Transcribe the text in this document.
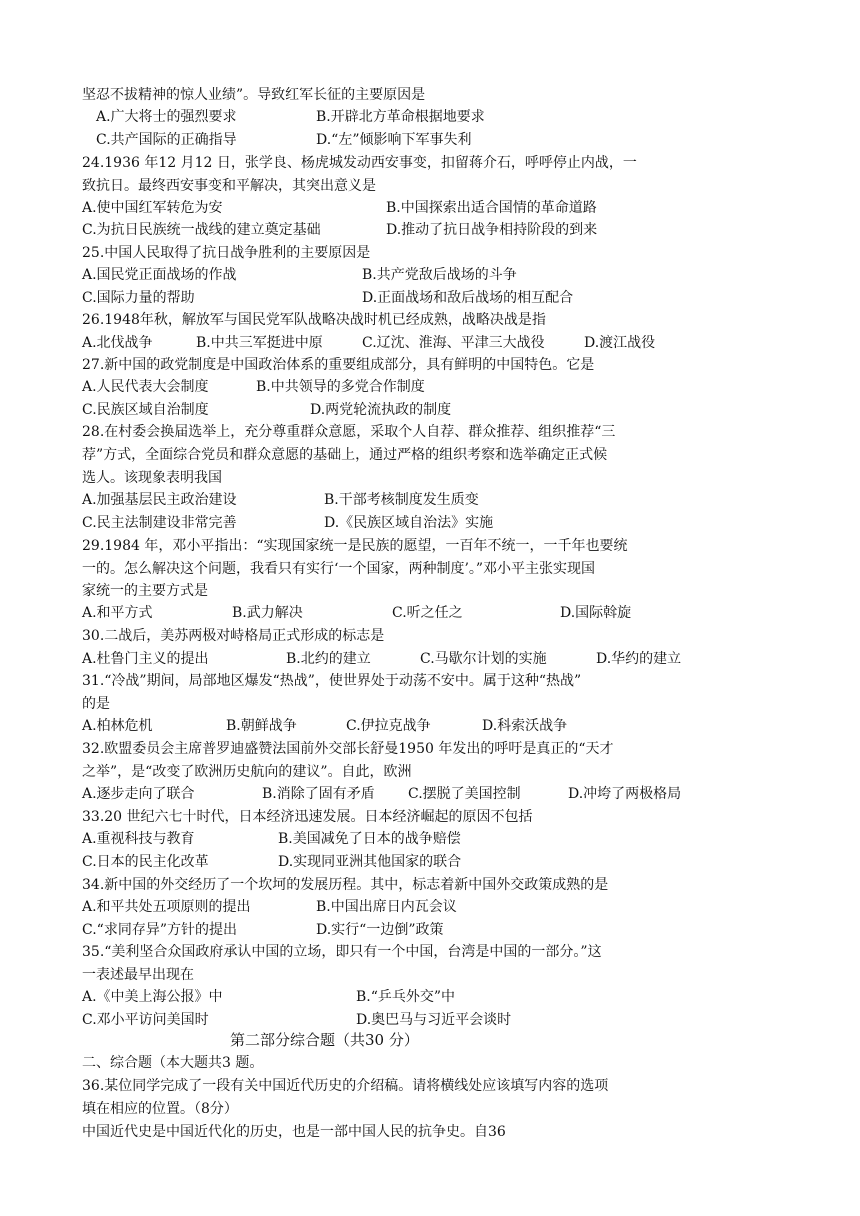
坚忍不拔精神的惊人业绩”。导致红军长征的主要原因是
A.广大将士的强烈要求	B.开辟北方革命根据地要求
C.共产国际的正确指导	D.“左”倾影响下军事失利
24.1936 年12 月12 日，张学良、杨虎城发动西安事变，扣留蒋介石，呼呼停止内战，一
致抗日。最终西安事变和平解决，其突出意义是
A.使中国红军转危为安	B.中国探索出适合国情的革命道路
C.为抗日民族统一战线的建立奠定基础	D.推动了抗日战争相持阶段的到来
25.中国人民取得了抗日战争胜利的主要原因是
A.国民党正面战场的作战	B.共产党敌后战场的斗争
C.国际力量的帮助	D.正面战场和敌后战场的相互配合
26.1948年秋，解放军与国民党军队战略决战时机已经成熟，战略决战是指
A.北伐战争	B.中共三军挺进中原	C.辽沈、淮海、平津三大战役	D.渡江战役
27.新中国的政党制度是中国政治体系的重要组成部分，具有鲜明的中国特色。它是
A.人民代表大会制度	B.中共领导的多党合作制度
C.民族区域自治制度	D.两党轮流执政的制度
28.在村委会换届选举上，充分尊重群众意愿，采取个人自荐、群众推荐、组织推荐“三
荐”方式，全面综合党员和群众意愿的基础上，通过严格的组织考察和选举确定正式候
选人。该现象表明我国
A.加强基层民主政治建设	B.干部考核制度发生质变
C.民主法制建设非常完善	D.《民族区域自治法》实施
29.1984 年，邓小平指出：“实现国家统一是民族的愿望，一百年不统一，一千年也要统
一的。怎么解决这个问题，我看只有实行‘一个国家，两种制度’。”邓小平主张实现国
家统一的主要方式是
A.和平方式	B.武力解决	C.听之任之	D.国际斡旋
30.二战后，美苏两极对峙格局正式形成的标志是
A.杜鲁门主义的提出	B.北约的建立	C.马歇尔计划的实施	D.华约的建立
31.“冷战”期间，局部地区爆发“热战”，使世界处于动荡不安中。属于这种“热战”
的是
A.柏林危机	B.朝鲜战争	C.伊拉克战争	D.科索沃战争
32.欧盟委员会主席普罗迪盛赞法国前外交部长舒曼1950 年发出的呼吁是真正的“天才
之举”，是“改变了欧洲历史航向的建议”。自此，欧洲
A.逐步走向了联合	B.消除了固有矛盾 C.摆脱了美国控制	D.冲垮了两极格局
33.20 世纪六七十时代，日本经济迅速发展。日本经济崛起的原因不包括
A.重视科技与教育	B.美国减免了日本的战争赔偿
C.日本的民主化改革	D.实现同亚洲其他国家的联合
34.新中国的外交经历了一个坎坷的发展历程。其中，标志着新中国外交政策成熟的是
A.和平共处五项原则的提出	B.中国出席日内瓦会议
C.“求同存异”方针的提出	D.实行“一边倒”政策
35.“美利坚合众国政府承认中国的立场，即只有一个中国，台湾是中国的一部分。”这
一表述最早出现在
A.《中美上海公报》中	B.“乒乓外交”中
C.邓小平访问美国时	D.奥巴马与习近平会谈时
第二部分综合题（共30 分）
二、综合题（本大题共3 题。
36.某位同学完成了一段有关中国近代历史的介绍稿。请将横线处应该填写内容的选项
填在相应的位置。（8分）
中国近代史是中国近代化的历史，也是一部中国人民的抗争史。自36
